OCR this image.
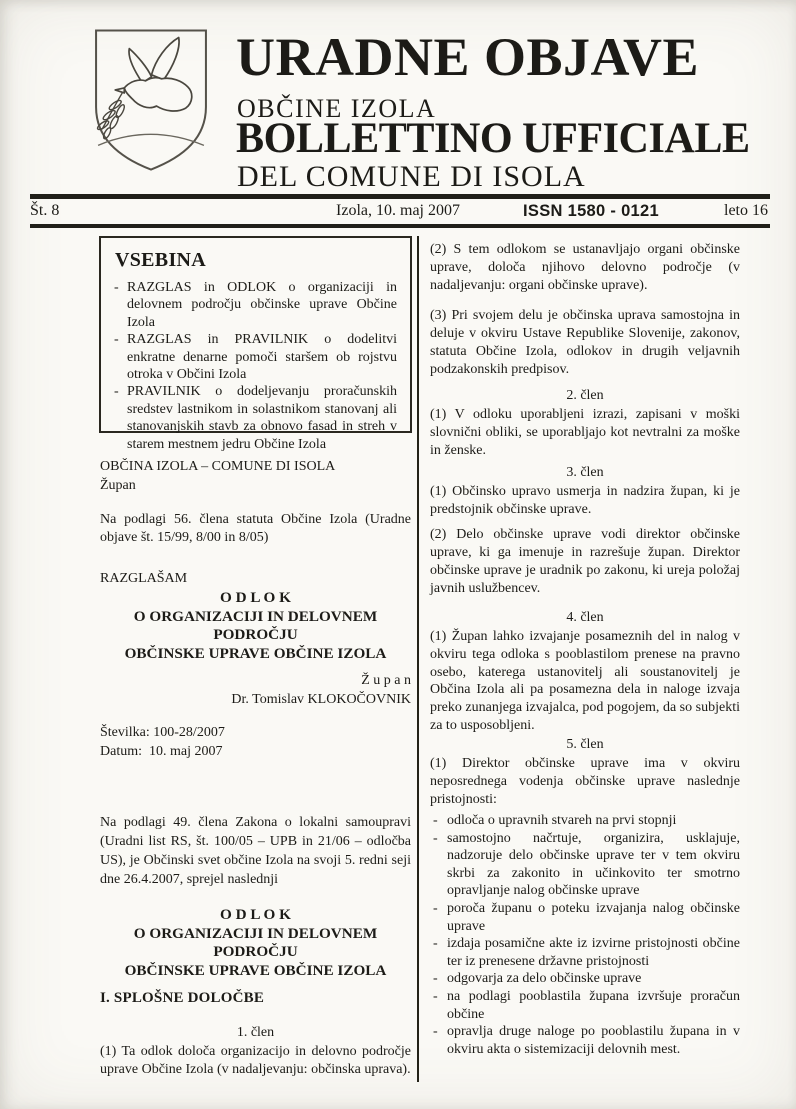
URADNE OBJAVE
OBČINE IZOLA
BOLLETTINO UFFICIALE
DEL COMUNE DI ISOLA
Št. 8	Izola, 10. maj 2007	ISSN 1580 - 0121	leto 16
VSEBINA
- RAZGLAS in ODLOK o organizaciji in delovnem področju občinske uprave Občine Izola
- RAZGLAS in PRAVILNIK o dodelitvi enkratne denarne pomoči staršem ob rojstvu otroka v Občini Izola
- PRAVILNIK o dodeljevanju proračunskih sredstev lastnikom in solastnikom stanovanj ali stanovanjskih stavb za obnovo fasad in streh v starem mestnem jedru Občine Izola
OBČINA IZOLA – COMUNE DI ISOLA
Župan
Na podlagi 56. člena statuta Občine Izola (Uradne objave št. 15/99, 8/00 in 8/05)
RAZGLAŠAM
O D L O K
O ORGANIZACIJI IN DELOVNEM PODROČJU
OBČINSKE UPRAVE OBČINE IZOLA
Ž u p a n
Dr. Tomislav KLOKOČOVNIK
Številka: 100-28/2007
Datum:  10. maj 2007
Na podlagi 49. člena Zakona o lokalni samoupravi (Uradni list RS, št. 100/05 – UPB in 21/06 – odločba US), je Občinski svet občine Izola na svoji 5. redni seji dne 26.4.2007, sprejel naslednji
O D L O K
O ORGANIZACIJI IN DELOVNEM PODROČJU
OBČINSKE UPRAVE OBČINE IZOLA
I. SPLOŠNE DOLOČBE
1. člen
(1) Ta odlok določa organizacijo in delovno področje uprave Občine Izola (v nadaljevanju: občinska uprava).
(2) S tem odlokom se ustanavljajo organi občinske uprave, določa njihovo delovno področje (v nadaljevanju: organi občinske uprave).
(3) Pri svojem delu je občinska uprava samostojna in deluje v okviru Ustave Republike Slovenije, zakonov, statuta Občine Izola, odlokov in drugih veljavnih podzakonskih predpisov.
2. člen
(1) V odloku uporabljeni izrazi, zapisani v moški slovnični obliki, se uporabljajo kot nevtralni za moške in ženske.
3. člen
(1) Občinsko upravo usmerja in nadzira župan, ki je predstojnik občinske uprave.
(2) Delo občinske uprave vodi direktor občinske uprave, ki ga imenuje in razrešuje župan. Direktor občinske uprave je uradnik po zakonu, ki ureja položaj javnih uslužbencev.
4. člen
(1) Župan lahko izvajanje posameznih del in nalog v okviru tega odloka s pooblastilom prenese na pravno osebo, katerega ustanovitelj ali soustanovitelj je Občina Izola ali pa posamezna dela in naloge izvaja preko zunanjega izvajalca, pod pogojem, da so subjekti za to usposobljeni.
5. člen
(1) Direktor občinske uprave ima v okviru neposrednega vodenja občinske uprave naslednje pristojnosti:
- odloča o upravnih stvareh na prvi stopnji
- samostojno načrtuje, organizira, usklajuje, nadzoruje delo občinske uprave ter v tem okviru skrbi za zakonito in učinkovito ter smotrno opravljanje nalog občinske uprave
- poroča županu o poteku izvajanja nalog občinske uprave
- izdaja posamične akte iz izvirne pristojnosti občine ter iz prenesene državne pristojnosti
- odgovarja za delo občinske uprave
- na podlagi pooblastila župana izvršuje proračun občine
- opravlja druge naloge po pooblastilu župana in v okviru akta o sistemizaciji delovnih mest.
